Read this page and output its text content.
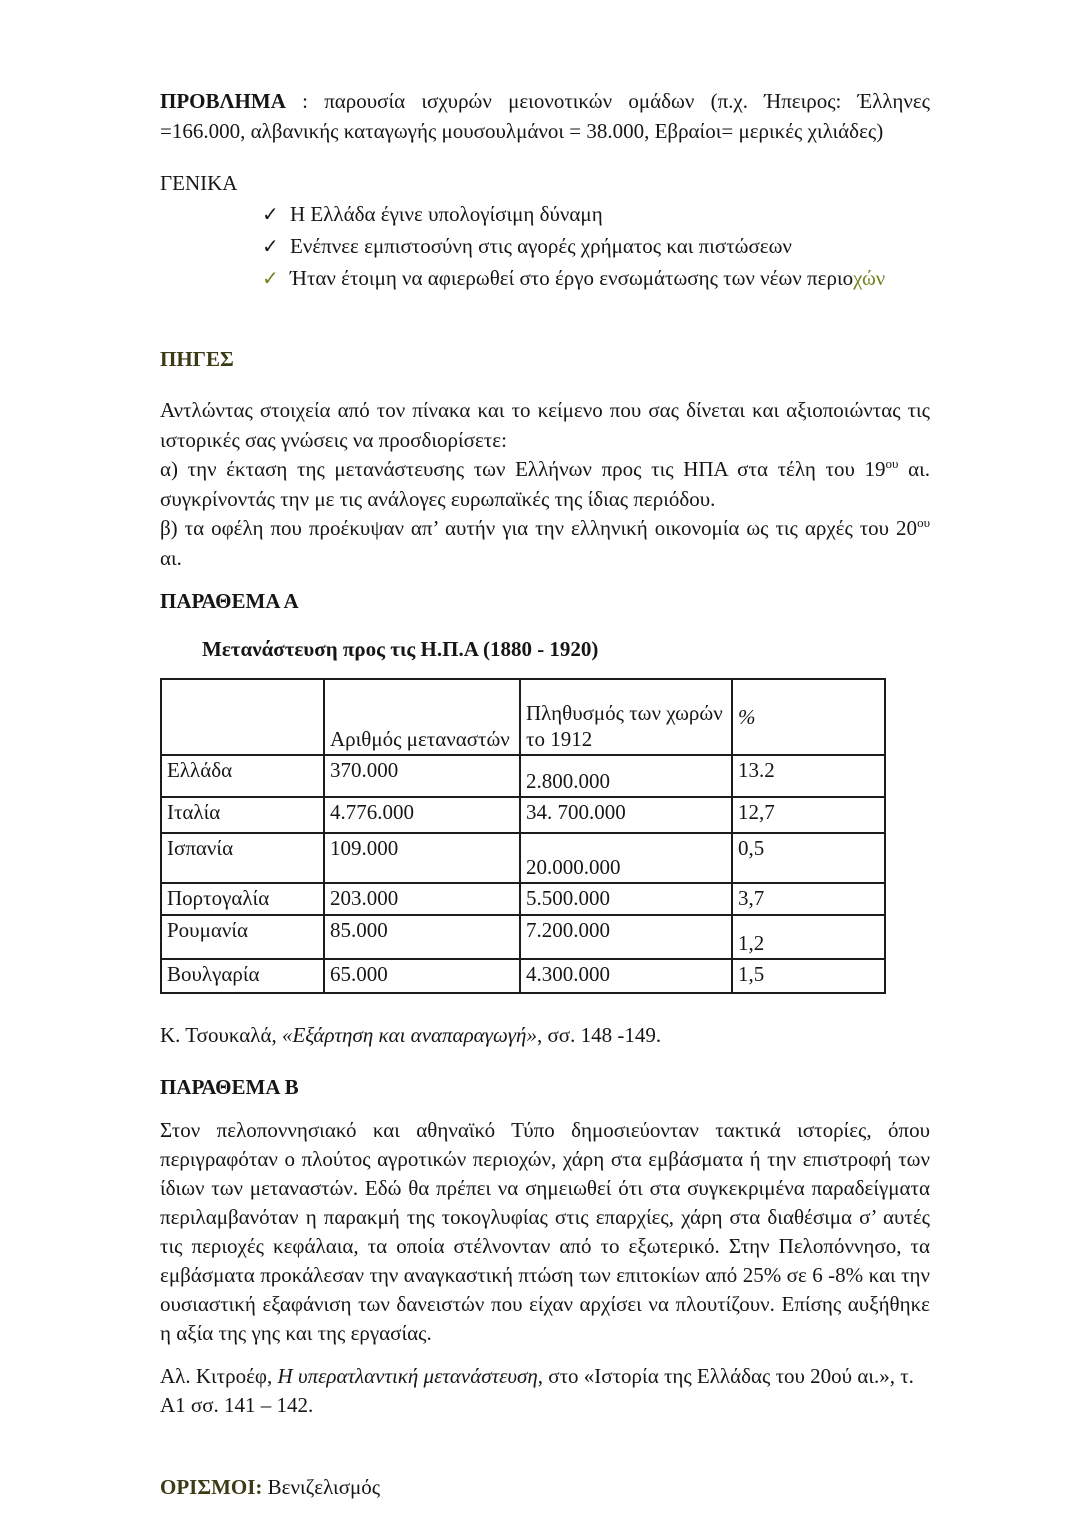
ΠΡΟΒΛΗΜΑ : παρουσία ισχυρών μειονοτικών ομάδων (π.χ. Ήπειρος: Έλληνες =166.000, αλβανικής καταγωγής μουσουλμάνοι = 38.000, Εβραίοι= μερικές χιλιάδες)
ΓΕΝΙΚΑ
✓ Η Ελλάδα έγινε υπολογίσιμη δύναμη
✓ Ενέπνεε εμπιστοσύνη στις αγορές χρήματος και πιστώσεων
✓ Ήταν έτοιμη να αφιερωθεί στο έργο ενσωμάτωσης των νέων περιοχών
ΠΗΓΕΣ
Αντλώντας στοιχεία από τον πίνακα και το κείμενο που σας δίνεται και αξιοποιώντας τις ιστορικές σας γνώσεις να προσδιορίσετε:
α) την έκταση της μετανάστευσης των Ελλήνων προς τις ΗΠΑ στα τέλη του $19^{o\upsilon}$ αι. συγκρίνοντάς την με τις ανάλογες ευρωπαϊκές της ίδιας περιόδου.
β) τα οφέλη που προέκυψαν απ’ αυτήν για την ελληνική οικονομία ως τις αρχές του $20^{o\upsilon}$ αι.
ΠΑΡΑΘΕΜΑ Α
Μετανάστευση προς τις Η.Π.Α (1880 - 1920)
	Αριθμός μεταναστών	Πληθυσμός των χωρών το 1912	%
Ελλάδα	370.000	2.800.000	13.2
Ιταλία	4.776.000	34. 700.000	12,7
Ισπανία	109.000	20.000.000	0,5
Πορτογαλία	203.000	5.500.000	3,7
Ρουμανία	85.000	7.200.000	1,2
Βουλγαρία	65.000	4.300.000	1,5
Κ. Τσουκαλά, «Εξάρτηση και αναπαραγωγή», σσ. 148 -149.
ΠΑΡΑΘΕΜΑ Β
Στον πελοποννησιακό και αθηναϊκό Τύπο δημοσιεύονταν τακτικά ιστορίες, όπου περιγραφόταν ο πλούτος αγροτικών περιοχών, χάρη στα εμβάσματα ή την επιστροφή των ίδιων των μεταναστών. Εδώ θα πρέπει να σημειωθεί ότι στα συγκεκριμένα παραδείγματα περιλαμβανόταν η παρακμή της τοκογλυφίας στις επαρχίες, χάρη στα διαθέσιμα σ’ αυτές τις περιοχές κεφάλαια, τα οποία στέλνονταν από το εξωτερικό. Στην Πελοπόννησο, τα εμβάσματα προκάλεσαν την αναγκαστική πτώση των επιτοκίων από 25% σε 6 -8% και την ουσιαστική εξαφάνιση των δανειστών που είχαν αρχίσει να πλουτίζουν. Επίσης αυξήθηκε η αξία της γης και της εργασίας.
Αλ. Κιτροέφ, Η υπερατλαντική μετανάστευση, στο «Ιστορία της Ελλάδας του 20ού αι.», τ. Α1 σσ. 141 – 142.
ΟΡΙΣΜΟΙ: Βενιζελισμός
